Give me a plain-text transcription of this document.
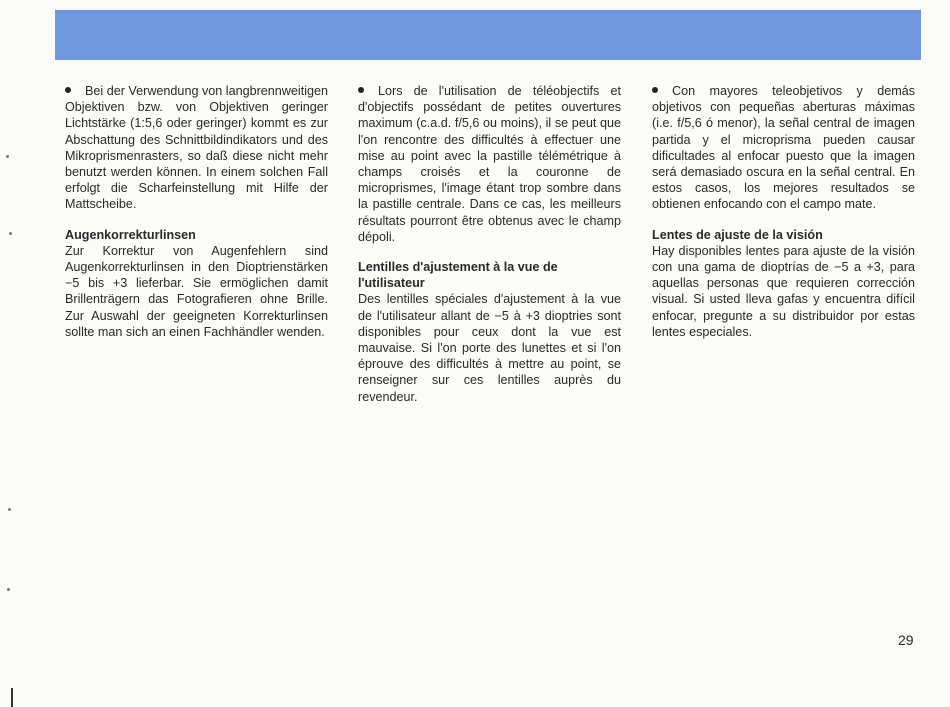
Bei der Verwendung von langbrennweitigen Objektiven bzw. von Objektiven geringer Lichtstärke (1:5,6 oder geringer) kommt es zur Abschattung des Schnittbildindikators und des Mikroprismenrasters, so daß diese nicht mehr benutzt werden können. In einem solchen Fall erfolgt die Scharfeinstellung mit Hilfe der Mattscheibe.

Augenkorrekturlinsen

Zur Korrektur von Augenfehlern sind Augenkorrekturlinsen in den Dioptrienstärken −5 bis +3 lieferbar. Sie ermöglichen damit Brillenträgern das Fotografieren ohne Brille. Zur Auswahl der geeigneten Korrekturlinsen sollte man sich an einen Fachhändler wenden.

Lors de l'utilisation de téléobjectifs et d'objectifs possédant de petites ouvertures maximum (c.a.d. f/5,6 ou moins), il se peut que l'on rencontre des difficultés à effectuer une mise au point avec la pastille télémétrique à champs croisés et la couronne de microprismes, l'image étant trop sombre dans la pastille centrale. Dans ce cas, les meilleurs résultats pourront être obtenus avec le champ dépoli.

Lentilles d'ajustement à la vue de l'utilisateur

Des lentilles spéciales d'ajustement à la vue de l'utilisateur allant de −5 à +3 dioptries sont disponibles pour ceux dont la vue est mauvaise. Si l'on porte des lunettes et si l'on éprouve des difficultés à mettre au point, se renseigner sur ces lentilles auprès du revendeur.

Con mayores teleobjetivos y demás objetivos con pequeñas aberturas máximas (i.e. f/5,6 ó menor), la señal central de imagen partida y el microprisma pueden causar dificultades al enfocar puesto que la imagen será demasiado oscura en la señal central. En estos casos, los mejores resultados se obtienen enfocando con el campo mate.

Lentes de ajuste de la visión

Hay disponibles lentes para ajuste de la visión con una gama de dioptrías de −5 a +3, para aquellas personas que requieren corrección visual. Si usted lleva gafas y encuentra difícil enfocar, pregunte a su distribuidor por estas lentes especiales.

29
